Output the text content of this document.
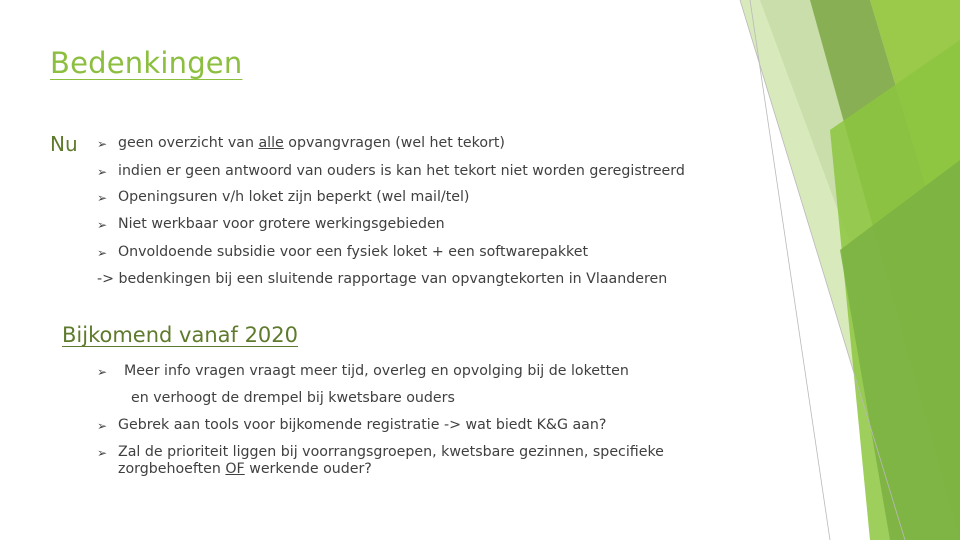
Bedenkingen
Nu ➢ geen overzicht van alle opvangvragen (wel het tekort)
➢ indien er geen antwoord van ouders is kan het tekort niet worden geregistreerd
➢ Openingsuren v/h loket zijn beperkt (wel mail/tel)
➢ Niet werkbaar voor grotere werkingsgebieden
➢ Onvoldoende subsidie voor een fysiek loket + een softwarepakket
-> bedenkingen bij een sluitende rapportage van opvangtekorten in Vlaanderen
Bijkomend vanaf 2020
➢ Meer info vragen vraagt meer tijd, overleg en opvolging bij de loketten
en verhoogt de drempel bij kwetsbare ouders
➢ Gebrek aan tools voor bijkomende registratie -> wat biedt K&G aan?
➢ Zal de prioriteit liggen bij voorrangsgroepen, kwetsbare gezinnen, specifieke
zorgbehoeften OF werkende ouder?
